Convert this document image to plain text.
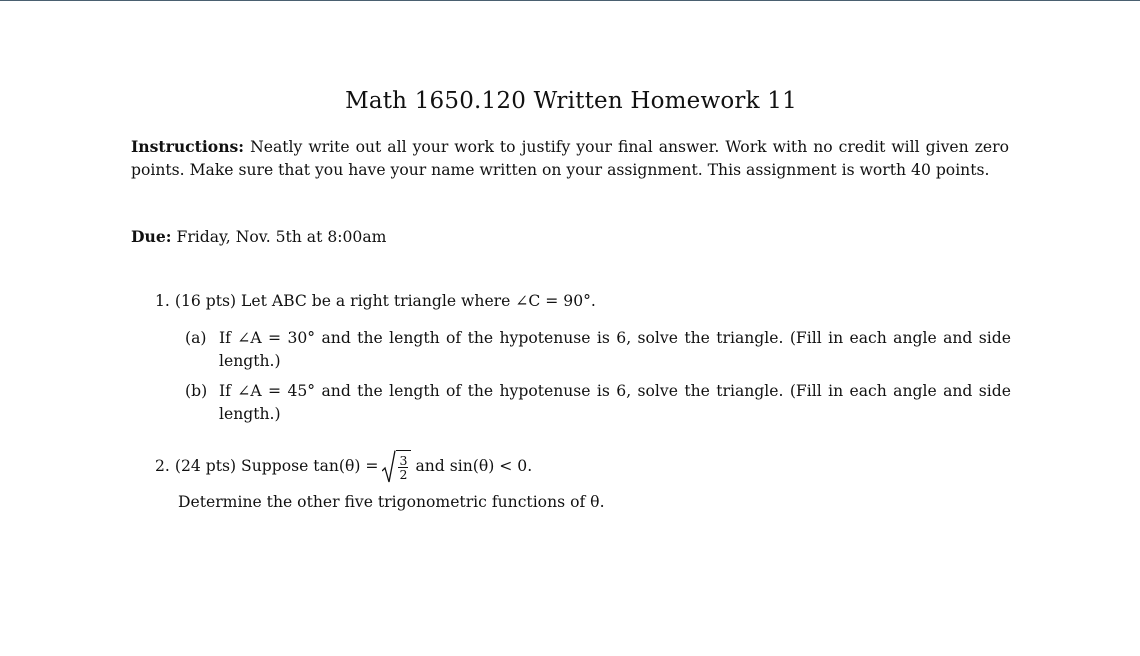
Math 1650.120 Written Homework 11
Instructions: Neatly write out all your work to justify your final answer. Work with no credit will given zero points. Make sure that you have your name written on your assignment. This assignment is worth 40 points.
Due: Friday, Nov. 5th at 8:00am
1. (16 pts) Let ABC be a right triangle where ∠C = 90°.
(a) If ∠A = 30° and the length of the hypotenuse is 6, solve the triangle. (Fill in each angle and side length.)
(b) If ∠A = 45° and the length of the hypotenuse is 6, solve the triangle. (Fill in each angle and side length.)
2.
(24 pts) Suppose $\tan(\theta) = \frac{3}{2}$ and sin(θ) < 0.
Determine the other five trigonometric functions of θ.
